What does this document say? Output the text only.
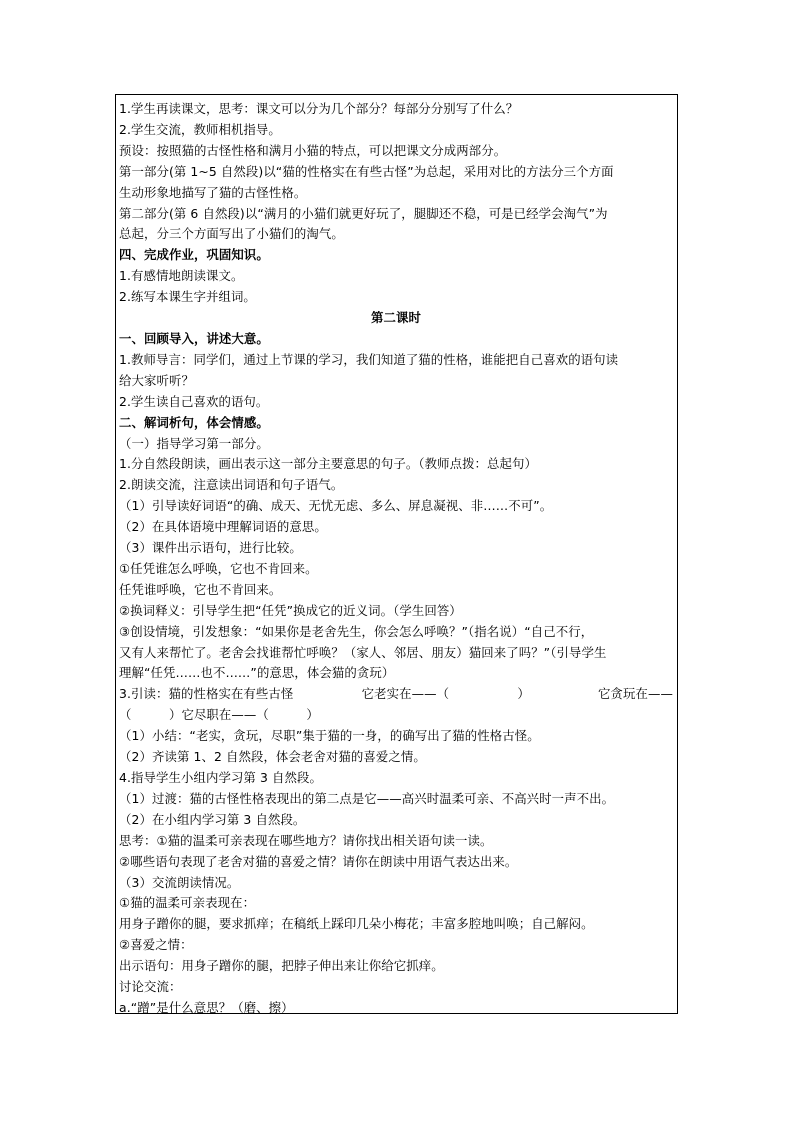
1.学生再读课文，思考：课文可以分为几个部分？每部分分别写了什么？
2.学生交流，教师相机指导。
预设：按照猫的古怪性格和满月小猫的特点，可以把课文分成两部分。
第一部分(第 1~5 自然段)以“猫的性格实在有些古怪”为总起，采用对比的方法分三个方面
生动形象地描写了猫的古怪性格。
第二部分(第 6 自然段)以“满月的小猫们就更好玩了，腿脚还不稳，可是已经学会淘气”为
总起，分三个方面写出了小猫们的淘气。
四、完成作业，巩固知识。
1.有感情地朗读课文。
2.练写本课生字并组词。
第二课时
一、回顾导入，讲述大意。
1.教师导言：同学们，通过上节课的学习，我们知道了猫的性格，谁能把自己喜欢的语句读
给大家听听？
2.学生读自己喜欢的语句。
二、解词析句，体会情感。
（一）指导学习第一部分。
1.分自然段朗读，画出表示这一部分主要意思的句子。（教师点拨：总起句）
2.朗读交流，注意读出词语和句子语气。
（1）引导读好词语“的确、成天、无忧无虑、多么、屏息凝视、非……不可”。
（2）在具体语境中理解词语的意思。
（3）课件出示语句，进行比较。
①任凭谁怎么呼唤，它也不肯回来。
任凭谁呼唤，它也不肯回来。
②换词释义：引导学生把“任凭”换成它的近义词。（学生回答）
③创设情境，引发想象：“如果你是老舍先生，你会怎么呼唤？”（指名说）“自己不行，
又有人来帮忙了。老舍会找谁帮忙呼唤？（家人、邻居、朋友）猫回来了吗？”（引导学生
理解“任凭……也不……”的意思，体会猫的贪玩）
3.引读：猫的性格实在有些古怪	它老实在——（	）	它贪玩在——
（　　　）它尽职在——（　　　）
（1）小结：“老实，贪玩，尽职”集于猫的一身，的确写出了猫的性格古怪。
（2）齐读第 1、2 自然段，体会老舍对猫的喜爱之情。
4.指导学生小组内学习第 3 自然段。
（1）过渡：猫的古怪性格表现出的第二点是它——高兴时温柔可亲、不高兴时一声不出。
（2）在小组内学习第 3 自然段。
思考：①猫的温柔可亲表现在哪些地方？请你找出相关语句读一读。
②哪些语句表现了老舍对猫的喜爱之情？请你在朗读中用语气表达出来。
（3）交流朗读情况。
①猫的温柔可亲表现在：
用身子蹭你的腿，要求抓痒；在稿纸上踩印几朵小梅花；丰富多腔地叫唤；自己解闷。
②喜爱之情：
出示语句：用身子蹭你的腿，把脖子伸出来让你给它抓痒。
讨论交流：
a.“蹭”是什么意思？（磨、擦）
